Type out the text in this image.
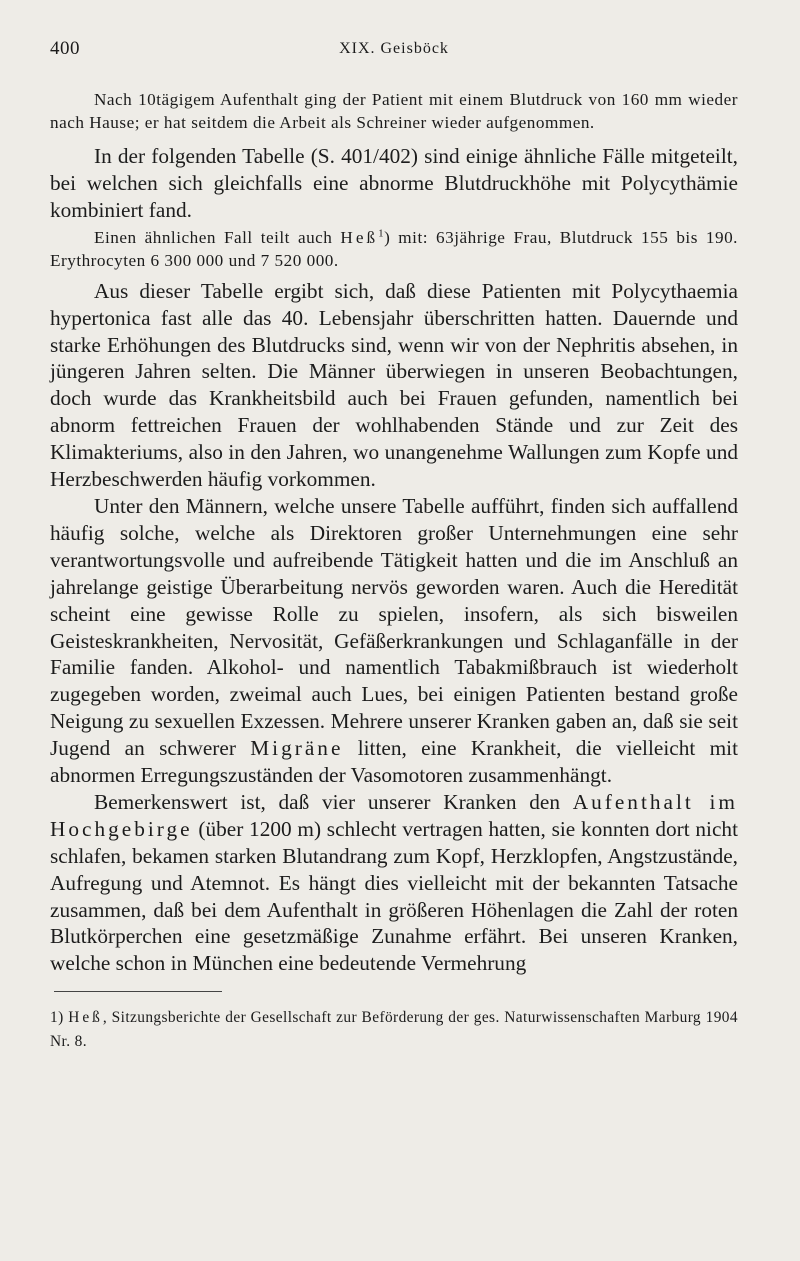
400	XIX. Geisböck

Nach 10tägigem Aufenthalt ging der Patient mit einem Blutdruck von 160 mm wieder nach Hause; er hat seitdem die Arbeit als Schreiner wieder aufgenommen.

In der folgenden Tabelle (S. 401/402) sind einige ähnliche Fälle mitgeteilt, bei welchen sich gleichfalls eine abnorme Blutdruckhöhe mit Polycythämie kombiniert fand.

Einen ähnlichen Fall teilt auch Heß$^1$) mit: 63jährige Frau, Blutdruck 155 bis 190. Erythrocyten 6 300 000 und 7 520 000.

Aus dieser Tabelle ergibt sich, daß diese Patienten mit Polycythaemia hypertonica fast alle das 40. Lebensjahr überschritten hatten. Dauernde und starke Erhöhungen des Blutdrucks sind, wenn wir von der Nephritis absehen, in jüngeren Jahren selten. Die Männer überwiegen in unseren Beobachtungen, doch wurde das Krankheitsbild auch bei Frauen gefunden, namentlich bei abnorm fettreichen Frauen der wohlhabenden Stände und zur Zeit des Klimakteriums, also in den Jahren, wo unangenehme Wallungen zum Kopfe und Herzbeschwerden häufig vorkommen.

Unter den Männern, welche unsere Tabelle aufführt, finden sich auffallend häufig solche, welche als Direktoren großer Unternehmungen eine sehr verantwortungsvolle und aufreibende Tätigkeit hatten und die im Anschluß an jahrelange geistige Überarbeitung nervös geworden waren. Auch die Heredität scheint eine gewisse Rolle zu spielen, insofern, als sich bisweilen Geisteskrankheiten, Nervosität, Gefäßerkrankungen und Schlaganfälle in der Familie fanden. Alkohol- und namentlich Tabakmißbrauch ist wiederholt zugegeben worden, zweimal auch Lues, bei einigen Patienten bestand große Neigung zu sexuellen Exzessen. Mehrere unserer Kranken gaben an, daß sie seit Jugend an schwerer Migräne litten, eine Krankheit, die vielleicht mit abnormen Erregungszuständen der Vasomotoren zusammenhängt.

Bemerkenswert ist, daß vier unserer Kranken den Aufenthalt im Hochgebirge (über 1200 m) schlecht vertragen hatten, sie konnten dort nicht schlafen, bekamen starken Blutandrang zum Kopf, Herzklopfen, Angstzustände, Aufregung und Atemnot. Es hängt dies vielleicht mit der bekannten Tatsache zusammen, daß bei dem Aufenthalt in größeren Höhenlagen die Zahl der roten Blutkörperchen eine gesetzmäßige Zunahme erfährt. Bei unseren Kranken, welche schon in München eine bedeutende Vermehrung

1) Heß, Sitzungsberichte der Gesellschaft zur Beförderung der ges. Naturwissenschaften Marburg 1904 Nr. 8.
